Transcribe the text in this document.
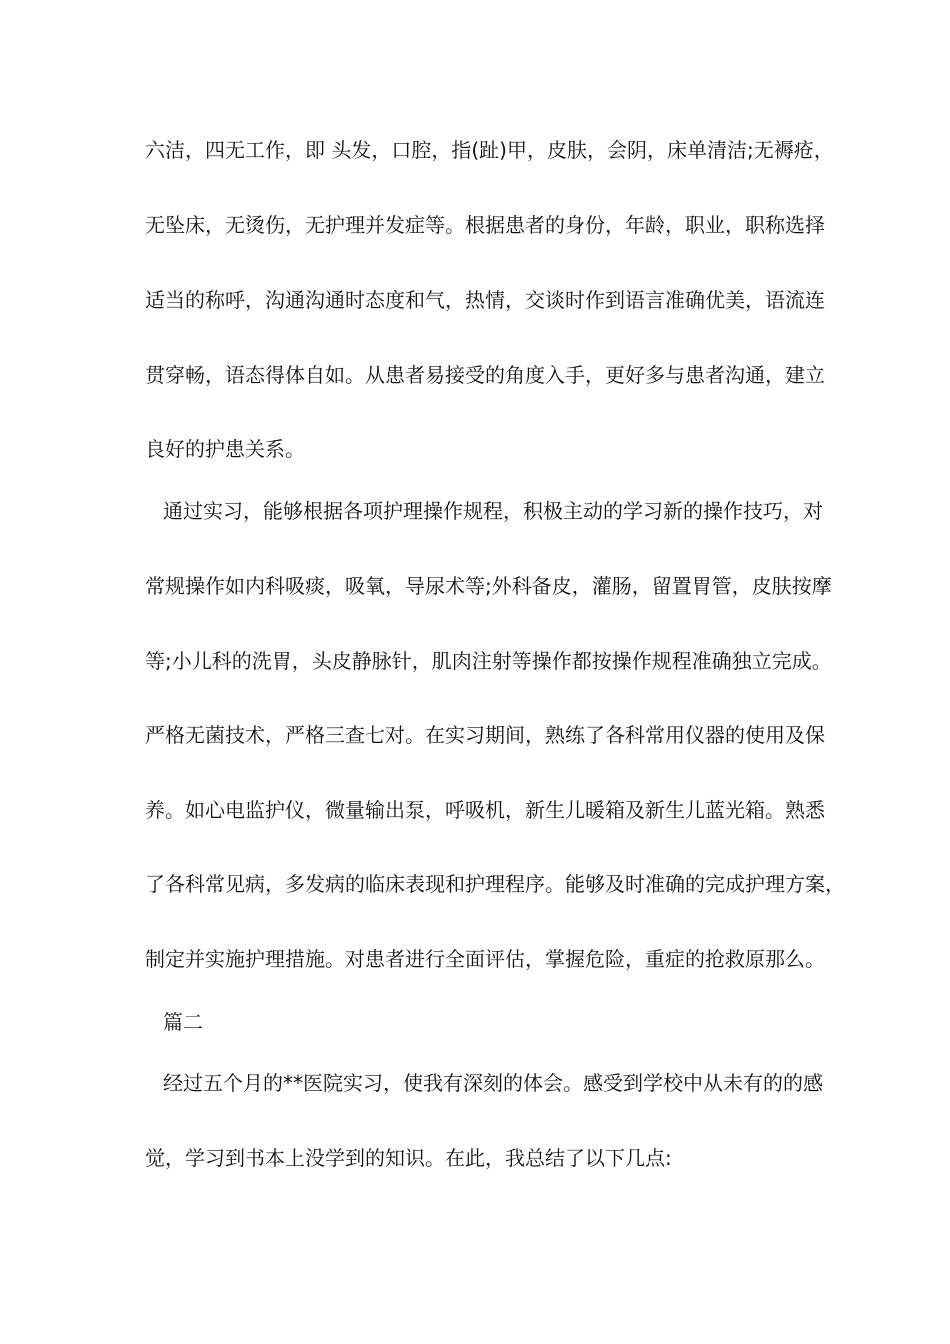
六洁，四无工作，即 头发，口腔，指(趾)甲，皮肤，会阴，床单清洁;无褥疮，

无坠床，无烫伤，无护理并发症等。根据患者的身份，年龄，职业，职称选择

适当的称呼，沟通沟通时态度和气，热情，交谈时作到语言准确优美，语流连

贯穿畅，语态得体自如。从患者易接受的角度入手，更好多与患者沟通，建立

良好的护患关系。

通过实习，能够根据各项护理操作规程，积极主动的学习新的操作技巧，对

常规操作如内科吸痰，吸氧，导尿术等;外科备皮，灌肠，留置胃管，皮肤按摩

等;小儿科的洗胃，头皮静脉针，肌肉注射等操作都按操作规程准确独立完成。

严格无菌技术，严格三查七对。在实习期间，熟练了各科常用仪器的使用及保

养。如心电监护仪，微量输出泵，呼吸机，新生儿暖箱及新生儿蓝光箱。熟悉

了各科常见病，多发病的临床表现和护理程序。能够及时准确的完成护理方案，

制定并实施护理措施。对患者进行全面评估，掌握危险，重症的抢救原那么。

篇二

经过五个月的**医院实习，使我有深刻的体会。感受到学校中从未有的的感

觉，学习到书本上没学到的知识。在此，我总结了以下几点:
